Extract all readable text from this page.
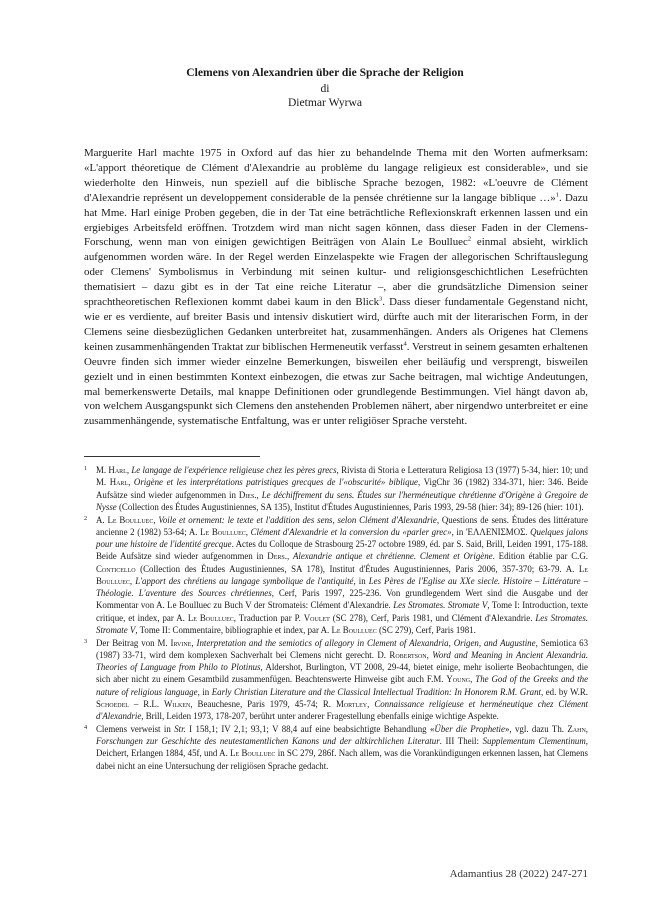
Clemens von Alexandrien über die Sprache der Religion
di
Dietmar Wyrwa
Marguerite Harl machte 1975 in Oxford auf das hier zu behandelnde Thema mit den Worten aufmerksam: «L'apport théoretique de Clément d'Alexandrie au problème du langage religieux est considerable», und sie wiederholte den Hinweis, nun speziell auf die biblische Sprache bezogen, 1982: «L'oeuvre de Clément d'Alexandrie représent un developpement considerable de la pensée chrétienne sur la langage biblique …»$^1$. Dazu hat Mme. Harl einige Proben gegeben, die in der Tat eine beträchtliche Reflexionskraft erkennen lassen und ein ergiebiges Arbeitsfeld eröffnen. Trotzdem wird man nicht sagen können, dass dieser Faden in der Clemens-Forschung, wenn man von einigen gewichtigen Beiträgen von Alain Le Boulluec$^2$ einmal absieht, wirklich aufgenommen worden wäre. In der Regel werden Einzelaspekte wie Fragen der allegorischen Schriftauslegung oder Clemens' Symbolismus in Verbindung mit seinen kultur- und religionsgeschichtlichen Lesefrüchten thematisiert – dazu gibt es in der Tat eine reiche Literatur –, aber die grundsätzliche Dimension seiner sprachtheoretischen Reflexionen kommt dabei kaum in den Blick$^3$. Dass dieser fundamentale Gegenstand nicht, wie er es verdiente, auf breiter Basis und intensiv diskutiert wird, dürfte auch mit der literarischen Form, in der Clemens seine diesbezüglichen Gedanken unterbreitet hat, zusammenhängen. Anders als Origenes hat Clemens keinen zusammenhängenden Traktat zur biblischen Hermeneutik verfasst$^4$. Verstreut in seinem gesamten erhaltenen Oeuvre finden sich immer wieder einzelne Bemerkungen, bisweilen eher beiläufig und versprengt, bisweilen gezielt und in einen bestimmten Kontext einbezogen, die etwas zur Sache beitragen, mal wichtige Andeutungen, mal bemerkenswerte Details, mal knappe Definitionen oder grundlegende Bestimmungen. Viel hängt davon ab, von welchem Ausgangspunkt sich Clemens den anstehenden Problemen nähert, aber nirgendwo unterbreitet er eine zusammenhängende, systematische Entfaltung, was er unter religiöser Sprache versteht.
1 M. Harl, Le langage de l'expérience religieuse chez les pères grecs, Rivista di Storia e Letteratura Religiosa 13 (1977) 5-34, hier: 10; und M. Harl, Origène et les interprétations patristiques grecques de l'«obscurité» biblique, VigChr 36 (1982) 334-371, hier: 346. Beide Aufsätze sind wieder aufgenommen in Dies., Le déchiffrement du sens. Études sur l'herméneutique chrétienne d'Origène à Gregoire de Nysse (Collection des Études Augustiniennes, SA 135), Institut d'Études Augustiniennes, Paris 1993, 29-58 (hier: 34); 89-126 (hier: 101).
2 A. Le Boulluec, Voile et ornement: le texte et l'addition des sens, selon Clément d'Alexandrie, Questions de sens. Études des littérature ancienne 2 (1982) 53-64; A. Le Boulluec, Clément d'Alexandrie et la conversion du «parler grec», in 'ΕΛΛΕΝΙΣΜΟΣ. Quelques jalons pour une histoire de l'identité grecque. Actes du Colloque de Strasbourg 25-27 octobre 1989, éd. par S. Said, Brill, Leiden 1991, 175-188. Beide Aufsätze sind wieder aufgenommen in Ders., Alexandrie antique et chrétienne. Clement et Origène. Edition établie par C.G. Conticello (Collection des Études Augustiniennes, SA 178), Institut d'Études Augustiniennes, Paris 2006, 357-370; 63-79. A. Le Boulluec, L'apport des chrétiens au langage symbolique de l'antiquité, in Les Pères de l'Eglise au XXe siecle. Histoire – Littérature – Théologie. L'aventure des Sources chrétiennes, Cerf, Paris 1997, 225-236. Von grundlegendem Wert sind die Ausgabe und der Kommentar von A. Le Boulluec zu Buch V der Stromateis: Clément d'Alexandrie. Les Stromates. Stromate V, Tome I: Introduction, texte critique, et index, par A. Le Boulluec, Traduction par P. Voulet (SC 278), Cerf, Paris 1981, und Clément d'Alexandrie. Les Stromates. Stromate V, Tome II: Commentaire, bibliographie et index, par A. Le Boulluec (SC 279), Cerf, Paris 1981.
3 Der Beitrag von M. Irvine, Interpretation and the semiotics of allegory in Clement of Alexandria, Origen, and Augustine, Semiotica 63 (1987) 33-71, wird dem komplexen Sachverhalt bei Clemens nicht gerecht. D. Robertson, Word and Meaning in Ancient Alexandria. Theories of Language from Philo to Plotinus, Aldershot, Burlington, VT 2008, 29-44, bietet einige, mehr isolierte Beobachtungen, die sich aber nicht zu einem Gesamtbild zusammenfügen. Beachtenswerte Hinweise gibt auch F.M. Young, The God of the Greeks and the nature of religious language, in Early Christian Literature and the Classical Intellectual Tradition: In Honorem R.M. Grant, ed. by W.R. Schoedel – R.L. Wilken, Beauchesne, Paris 1979, 45-74; R. Mortley, Connaissance religieuse et herméneutique chez Clément d'Alexandrie, Brill, Leiden 1973, 178-207, berührt unter anderer Fragestellung ebenfalls einige wichtige Aspekte.
4 Clemens verweist in Str. I 158,1; IV 2,1; 93,1; V 88,4 auf eine beabsichtigte Behandlung «Über die Prophetie», vgl. dazu Th. Zahn, Forschungen zur Geschichte des neutestamentlichen Kanons und der altkirchlichen Literatur. III Theil: Supplementum Clementinum, Deichert, Erlangen 1884, 45f, und A. Le Boulluec in SC 279, 286f. Nach allem, was die Vorankündigungen erkennen lassen, hat Clemens dabei nicht an eine Untersuchung der religiösen Sprache gedacht.
Adamantius 28 (2022) 247-271
